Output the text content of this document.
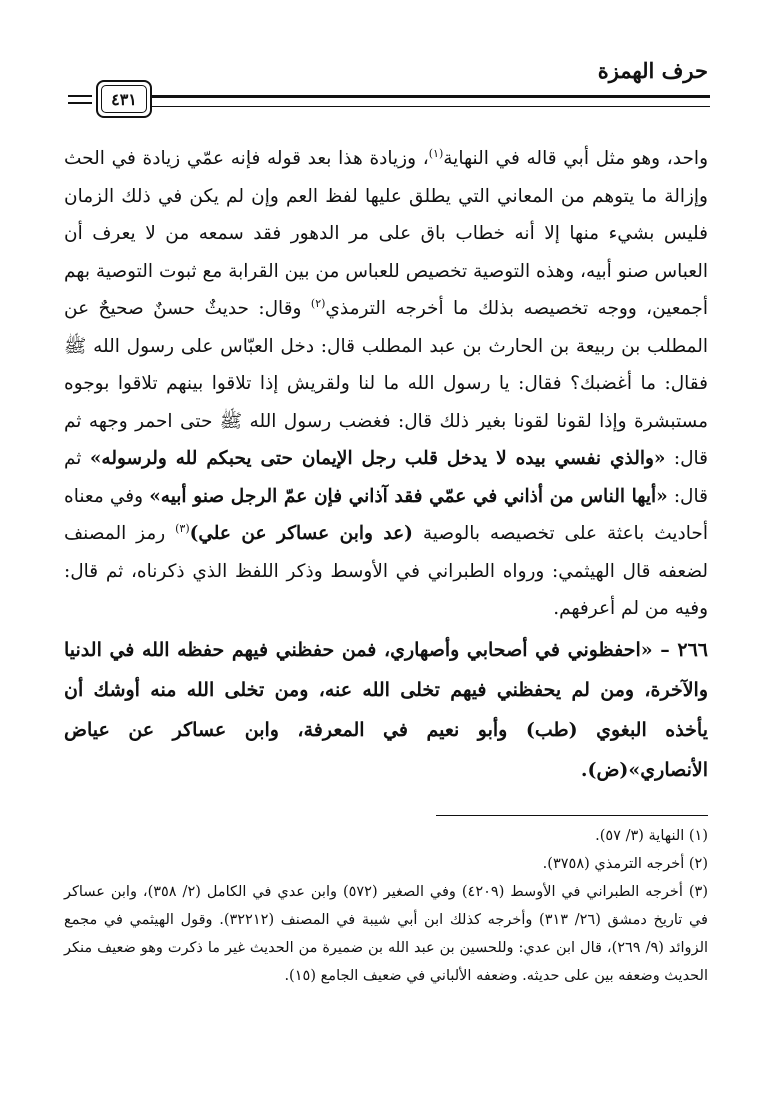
حرف الهمزة
٤٣١

واحد، وهو مثل أبي قاله في النهاية$^{(١)}$، وزيادة هذا بعد قوله فإنه عمّي زيادة في الحث وإزالة ما يتوهم من المعاني التي يطلق عليها لفظ العم وإن لم يكن في ذلك الزمان فليس بشيء منها إلا أنه خطاب باق على مر الدهور فقد سمعه من لا يعرف أن العباس صنو أبيه، وهذه التوصية تخصيص للعباس من بين القرابة مع ثبوت التوصية بهم أجمعين، ووجه تخصيصه بذلك ما أخرجه الترمذي$^{(٢)}$ وقال: حديثٌ حسنٌ صحيحٌ عن المطلب بن ربيعة بن الحارث بن عبد المطلب قال: دخل العبّاس على رسول الله ﷺ فقال: ما أغضبك؟ فقال: يا رسول الله ما لنا ولقريش إذا تلاقوا بينهم تلاقوا بوجوه مستبشرة وإذا لقونا لقونا بغير ذلك قال: فغضب رسول الله ﷺ حتى احمر وجهه ثم قال: «والذي نفسي بيده لا يدخل قلب رجل الإيمان حتى يحبكم لله ولرسوله» ثم قال: «أيها الناس من أذاني في عمّي فقد آذاني فإن عمّ الرجل صنو أبيه» وفي معناه أحاديث باعثة على تخصيصه بالوصية (عد وابن عساكر عن علي)$^{(٣)}$ رمز المصنف لضعفه قال الهيثمي: ورواه الطبراني في الأوسط وذكر اللفظ الذي ذكرناه، ثم قال: وفيه من لم أعرفهم.

٢٦٦ – «احفظوني في أصحابي وأصهاري، فمن حفظني فيهم حفظه الله في الدنيا والآخرة، ومن لم يحفظني فيهم تخلى الله عنه، ومن تخلى الله منه أوشك أن يأخذه البغوي (طب) وأبو نعيم في المعرفة، وابن عساكر عن عياض الأنصاري»(ض).

(١) النهاية (٣/ ٥٧).

(٢) أخرجه الترمذي (٣٧٥٨).

(٣) أخرجه الطبراني في الأوسط (٤٢٠٩) وفي الصغير (٥٧٢) وابن عدي في الكامل (٢/ ٣٥٨)، وابن عساكر في تاريخ دمشق (٢٦/ ٣١٣) وأخرجه كذلك ابن أبي شيبة في المصنف (٣٢٢١٢). وقول الهيثمي في مجمع الزوائد (٩/ ٢٦٩)، قال ابن عدي: وللحسين بن عبد الله بن ضميرة من الحديث غير ما ذكرت وهو ضعيف منكر الحديث وضعفه بين على حديثه. وضعفه الألباني في ضعيف الجامع (١٥).
